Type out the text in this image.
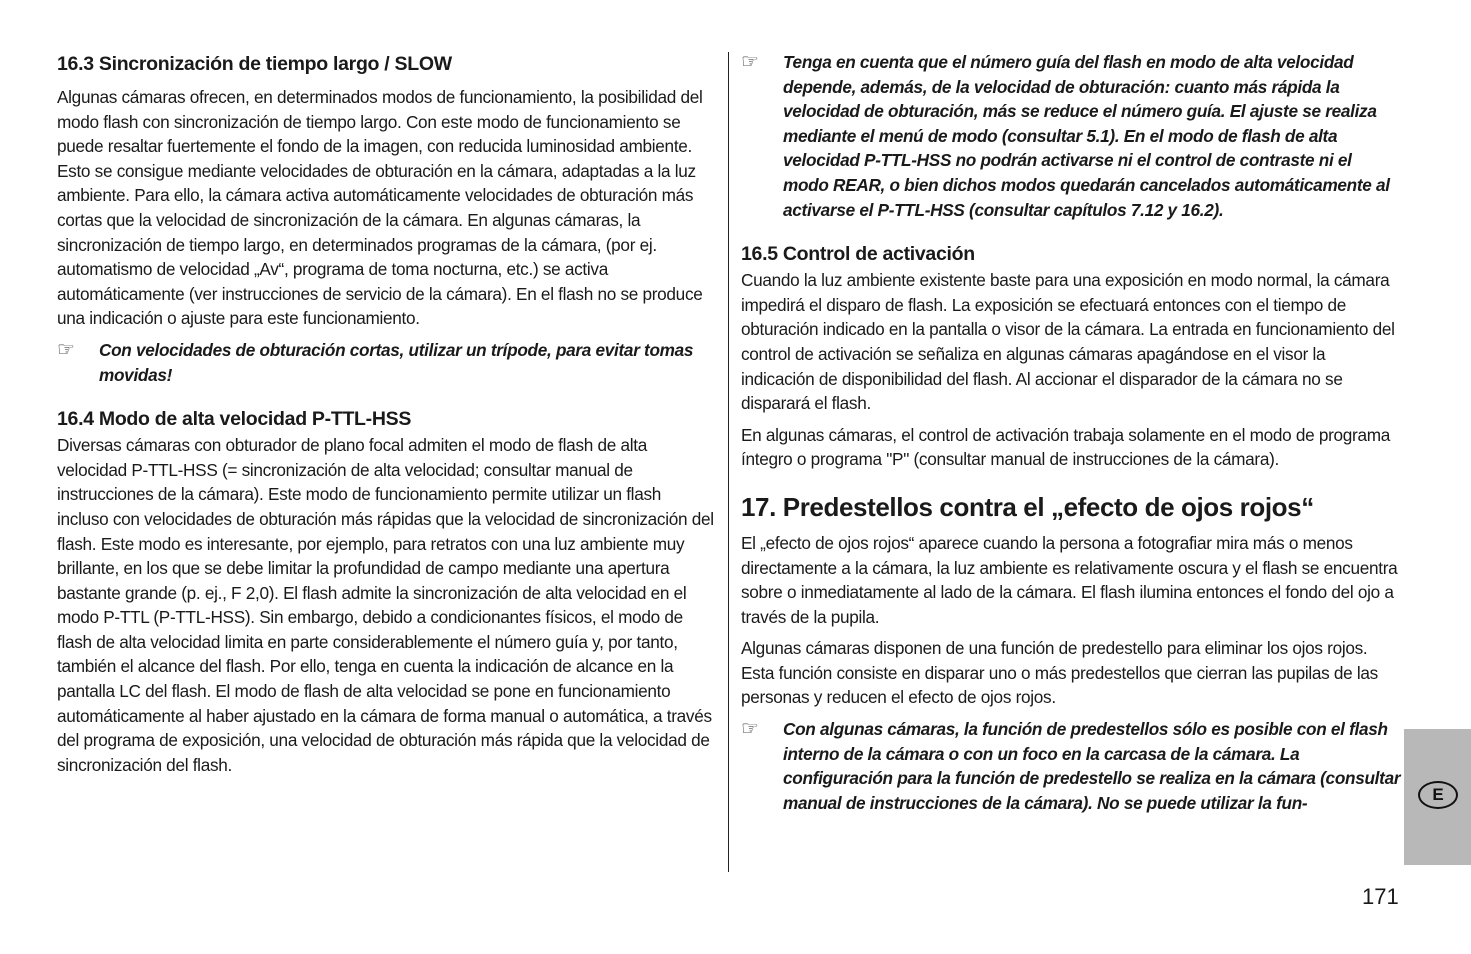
16.3 Sincronización de tiempo largo / SLOW

Algunas cámaras ofrecen, en determinados modos de funcionamiento, la posibilidad del modo flash con sincronización de tiempo largo. Con este modo de funcionamiento se puede resaltar fuertemente el fondo de la imagen, con reducida luminosidad ambiente. Esto se consigue mediante velocidades de obturación en la cámara, adaptadas a la luz ambiente. Para ello, la cámara activa automáticamente velocidades de obturación más cortas que la velocidad de sincronización de la cámara. En algunas cámaras, la sincronización de tiempo largo, en determinados programas de la cámara, (por ej. automatismo de velocidad „Av“, programa de toma nocturna, etc.) se activa automáticamente (ver instrucciones de servicio de la cámara). En el flash no se produce una indicación o ajuste para este funcionamiento.

☞	Con velocidades de obturación cortas, utilizar un trípode, para evitar tomas movidas!

16.4 Modo de alta velocidad P-TTL-HSS

Diversas cámaras con obturador de plano focal admiten el modo de flash de alta velocidad P-TTL-HSS (= sincronización de alta velocidad; consultar manual de instrucciones de la cámara). Este modo de funcionamiento permite utilizar un flash incluso con velocidades de obturación más rápidas que la velocidad de sincronización del flash. Este modo es interesante, por ejemplo, para retratos con una luz ambiente muy brillante, en los que se debe limitar la profundidad de campo mediante una apertura bastante grande (p. ej., F 2,0). El flash admite la sincronización de alta velocidad en el modo P-TTL (P-TTL-HSS). Sin embargo, debido a condicionantes físicos, el modo de flash de alta velocidad limita en parte considerablemente el número guía y, por tanto, también el alcance del flash. Por ello, tenga en cuenta la indicación de alcance en la pantalla LC del flash. El modo de flash de alta velocidad se pone en funcionamiento automáticamente al haber ajustado en la cámara de forma manual o automática, a través del programa de exposición, una velocidad de obturación más rápida que la velocidad de sincronización del flash.

☞	Tenga en cuenta que el número guía del flash en modo de alta velocidad depende, además, de la velocidad de obturación: cuanto más rápida la velocidad de obturación, más se reduce el número guía. El ajuste se realiza mediante el menú de modo (consultar 5.1). En el modo de flash de alta velocidad P-TTL-HSS no podrán activarse ni el control de contraste ni el modo REAR, o bien dichos modos quedarán cancelados automáticamente al activarse el P-TTL-HSS (consultar capítulos 7.12 y 16.2).

16.5 Control de activación

Cuando la luz ambiente existente baste para una exposición en modo normal, la cámara impedirá el disparo de flash. La exposición se efectuará entonces con el tiempo de obturación indicado en la pantalla o visor de la cámara. La entrada en funcionamiento del control de activación se señaliza en algunas cámaras apagándose en el visor la indicación de disponibilidad del flash. Al accionar el disparador de la cámara no se disparará el flash.

En algunas cámaras, el control de activación trabaja solamente en el modo de programa íntegro o programa "P" (consultar manual de instrucciones de la cámara).

17. Predestellos contra el „efecto de ojos rojos“

El „efecto de ojos rojos“ aparece cuando la persona a fotografiar mira más o menos directamente a la cámara, la luz ambiente es relativamente oscura y el flash se encuentra sobre o inmediatamente al lado de la cámara. El flash ilumina entonces el fondo del ojo a través de la pupila.

Algunas cámaras disponen de una función de predestello para eliminar los ojos rojos. Esta función consiste en disparar uno o más predestellos que cierran las pupilas de las personas y reducen el efecto de ojos rojos.

☞	Con algunas cámaras, la función de predestellos sólo es posible con el flash interno de la cámara o con un foco en la carcasa de la cámara. La configuración para la función de predestello se realiza en la cámara (consultar manual de instrucciones de la cámara). No se puede utilizar la fun-	E
171
